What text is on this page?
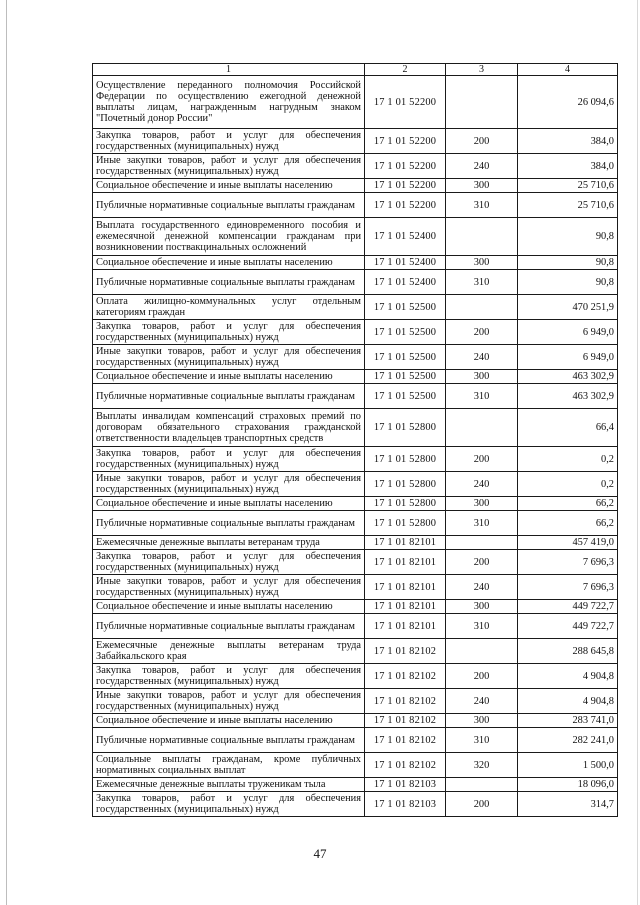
1	2	3	4
Осуществление переданного полномочия Российской Федерации по осуществлению ежегодной денежной выплаты лицам, награжденным нагрудным знаком "Почетный донор России"	17 1 01 52200		26 094,6
Закупка товаров, работ и услуг для обеспечения государственных (муниципальных) нужд	17 1 01 52200	200	384,0
Иные закупки товаров, работ и услуг для обеспечения государственных (муниципальных) нужд	17 1 01 52200	240	384,0
Социальное обеспечение и иные выплаты населению	17 1 01 52200	300	25 710,6
Публичные нормативные социальные выплаты гражданам	17 1 01 52200	310	25 710,6
Выплата государственного единовременного пособия и ежемесячной денежной компенсации гражданам при возникновении поствакцинальных осложнений	17 1 01 52400		90,8
Социальное обеспечение и иные выплаты населению	17 1 01 52400	300	90,8
Публичные нормативные социальные выплаты гражданам	17 1 01 52400	310	90,8
Оплата жилищно-коммунальных услуг отдельным категориям граждан	17 1 01 52500		470 251,9
Закупка товаров, работ и услуг для обеспечения государственных (муниципальных) нужд	17 1 01 52500	200	6 949,0
Иные закупки товаров, работ и услуг для обеспечения государственных (муниципальных) нужд	17 1 01 52500	240	6 949,0
Социальное обеспечение и иные выплаты населению	17 1 01 52500	300	463 302,9
Публичные нормативные социальные выплаты гражданам	17 1 01 52500	310	463 302,9
Выплаты инвалидам компенсаций страховых премий по договорам обязательного страхования гражданской ответственности владельцев транспортных средств	17 1 01 52800		66,4
Закупка товаров, работ и услуг для обеспечения государственных (муниципальных) нужд	17 1 01 52800	200	0,2
Иные закупки товаров, работ и услуг для обеспечения государственных (муниципальных) нужд	17 1 01 52800	240	0,2
Социальное обеспечение и иные выплаты населению	17 1 01 52800	300	66,2
Публичные нормативные социальные выплаты гражданам	17 1 01 52800	310	66,2
Ежемесячные денежные выплаты ветеранам труда	17 1 01 82101		457 419,0
Закупка товаров, работ и услуг для обеспечения государственных (муниципальных) нужд	17 1 01 82101	200	7 696,3
Иные закупки товаров, работ и услуг для обеспечения государственных (муниципальных) нужд	17 1 01 82101	240	7 696,3
Социальное обеспечение и иные выплаты населению	17 1 01 82101	300	449 722,7
Публичные нормативные социальные выплаты гражданам	17 1 01 82101	310	449 722,7
Ежемесячные денежные выплаты ветеранам труда Забайкальского края	17 1 01 82102		288 645,8
Закупка товаров, работ и услуг для обеспечения государственных (муниципальных) нужд	17 1 01 82102	200	4 904,8
Иные закупки товаров, работ и услуг для обеспечения государственных (муниципальных) нужд	17 1 01 82102	240	4 904,8
Социальное обеспечение и иные выплаты населению	17 1 01 82102	300	283 741,0
Публичные нормативные социальные выплаты гражданам	17 1 01 82102	310	282 241,0
Социальные выплаты гражданам, кроме публичных нормативных социальных выплат	17 1 01 82102	320	1 500,0
Ежемесячные денежные выплаты труженикам тыла	17 1 01 82103		18 096,0
Закупка товаров, работ и услуг для обеспечения государственных (муниципальных) нужд	17 1 01 82103	200	314,7
47
